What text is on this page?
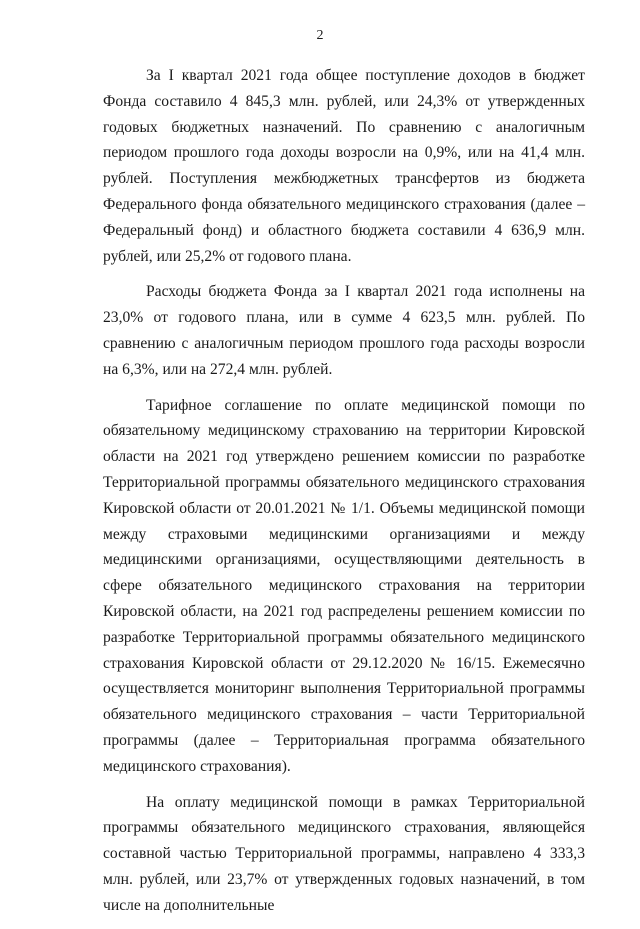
2

За I квартал 2021 года общее поступление доходов в бюджет Фонда составило 4 845,3 млн. рублей, или 24,3% от утвержденных годовых бюджетных назначений. По сравнению с аналогичным периодом прошлого года доходы возросли на 0,9%, или на 41,4 млн. рублей. Поступления межбюджетных трансфертов из бюджета Федерального фонда обязательного медицинского страхования (далее – Федеральный фонд) и областного бюджета составили 4 636,9 млн. рублей, или 25,2% от годового плана.

Расходы бюджета Фонда за I квартал 2021 года исполнены на 23,0% от годового плана, или в сумме 4 623,5 млн. рублей. По сравнению с аналогичным периодом прошлого года расходы возросли на 6,3%, или на 272,4 млн. рублей.

Тарифное соглашение по оплате медицинской помощи по обязательному медицинскому страхованию на территории Кировской области на 2021 год утверждено решением комиссии по разработке Территориальной программы обязательного медицинского страхования Кировской области от 20.01.2021 № 1/1. Объемы медицинской помощи между страховыми медицинскими организациями и между медицинскими организациями, осуществляющими деятельность в сфере обязательного медицинского страхования на территории Кировской области, на 2021 год распределены решением комиссии по разработке Территориальной программы обязательного медицинского страхования Кировской области от 29.12.2020 № 16/15. Ежемесячно осуществляется мониторинг выполнения Территориальной программы обязательного медицинского страхования – части Территориальной программы (далее – Территориальная программа обязательного медицинского страхования).

На оплату медицинской помощи в рамках Территориальной программы обязательного медицинского страхования, являющейся составной частью Территориальной программы, направлено 4 333,3 млн. рублей, или 23,7% от утвержденных годовых назначений, в том числе на дополнительные
